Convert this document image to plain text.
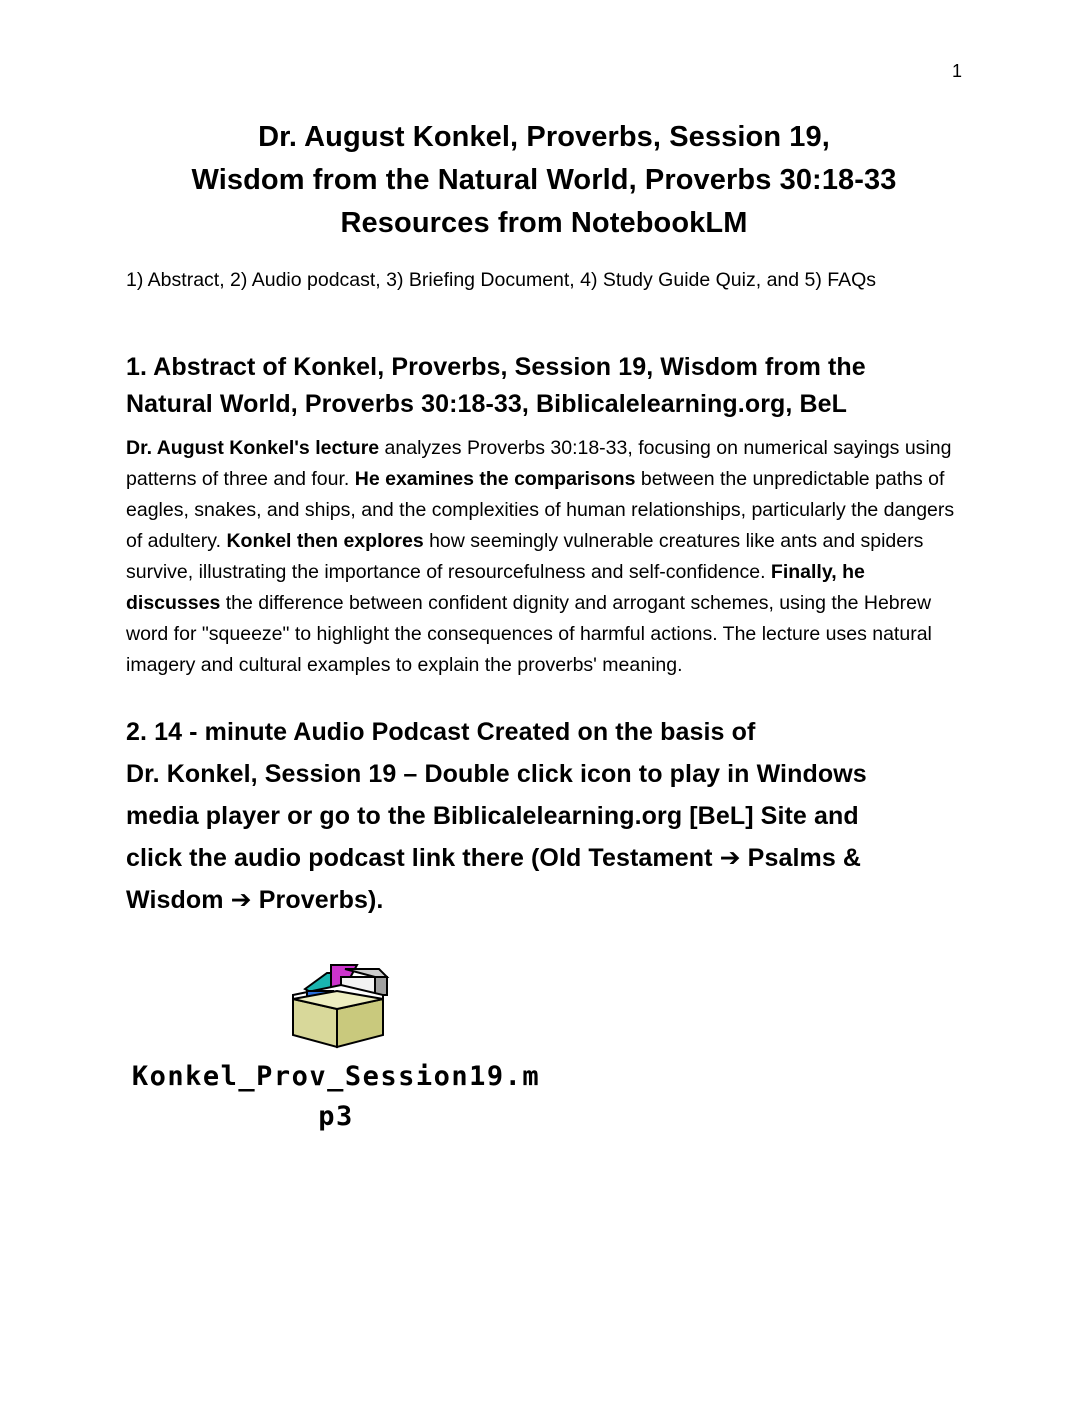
1
Dr. August Konkel, Proverbs, Session 19,
Wisdom from the Natural World, Proverbs 30:18-33
Resources from NotebookLM

1) Abstract, 2) Audio podcast, 3) Briefing Document, 4) Study Guide Quiz, and 5) FAQs

1. Abstract of Konkel, Proverbs, Session 19, Wisdom from the
Natural World, Proverbs 30:18-33, Biblicalelearning.org, BeL

Dr. August Konkel's lecture analyzes Proverbs 30:18-33, focusing on numerical sayings using patterns of three and four. He examines the comparisons between the unpredictable paths of eagles, snakes, and ships, and the complexities of human relationships, particularly the dangers of adultery. Konkel then explores how seemingly vulnerable creatures like ants and spiders survive, illustrating the importance of resourcefulness and self-confidence. Finally, he discusses the difference between confident dignity and arrogant schemes, using the Hebrew word for "squeeze" to highlight the consequences of harmful actions. The lecture uses natural imagery and cultural examples to explain the proverbs' meaning.

2. 14 - minute Audio Podcast Created on the basis of
Dr. Konkel, Session 19 – Double click icon to play in Windows
media player or go to the Biblicalelearning.org [BeL] Site and
click the audio podcast link there (Old Testament ➔ Psalms &
Wisdom ➔ Proverbs).
Konkel_Prov_Session19.mp3
